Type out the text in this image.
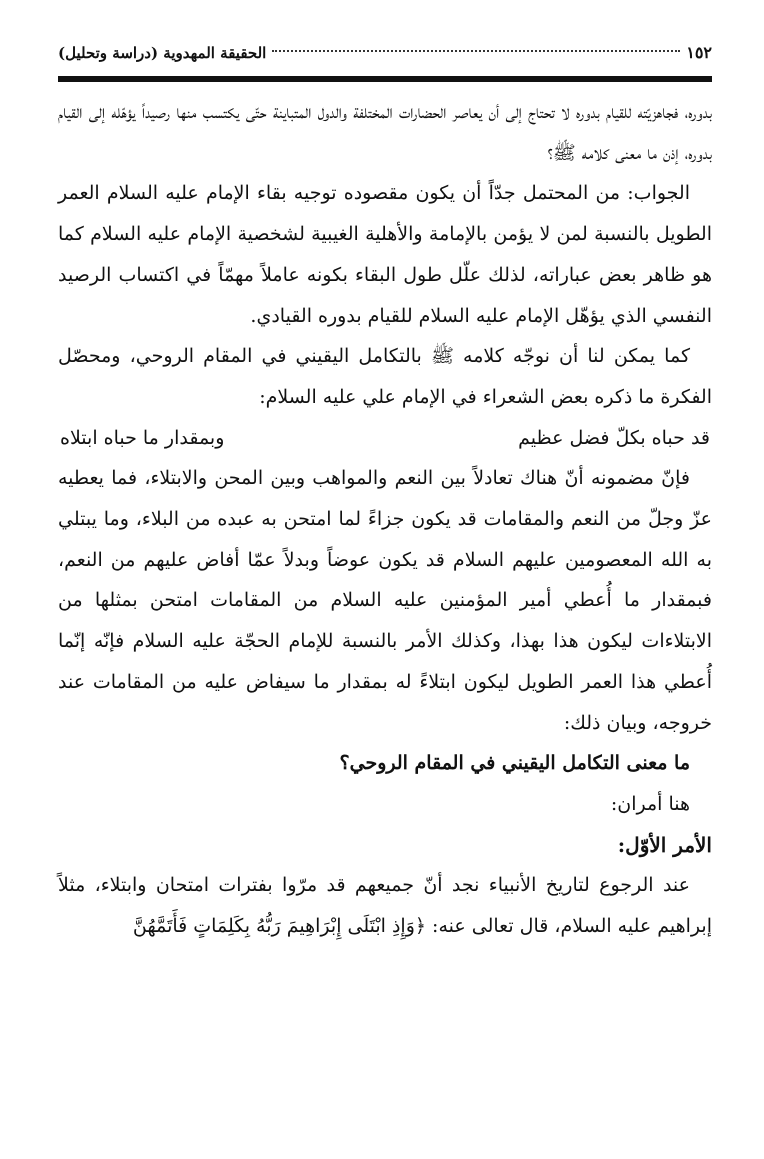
١٥٢
الحقيقة المهدوية (دراسة وتحليل)

بدوره، فجاهزيّته للقيام بدوره لا تحتاج إلى أن يعاصر الحضارات المختلفة والدول المتباينة حتّى يكتسب منها رصيداً يؤهّله إلى القيام بدوره، إذن ما معنى كلامه ﷺ؟

الجواب: من المحتمل جدّاً أن يكون مقصوده توجيه بقاء الإمام عليه السلام العمر الطويل بالنسبة لمن لا يؤمن بالإمامة والأهلية الغيبية لشخصية الإمام عليه السلام كما هو ظاهر بعض عباراته، لذلك علّل طول البقاء بكونه عاملاً مهمّاً في اكتساب الرصيد النفسي الذي يؤهّل الإمام عليه السلام للقيام بدوره القيادي.

كما يمكن لنا أن نوجّه كلامه ﷺ بالتكامل اليقيني في المقام الروحي، ومحصّل الفكرة ما ذكره بعض الشعراء في الإمام علي عليه السلام:

قد حباه بكلّ فضل عظيم
وبمقدار ما حباه ابتلاه

فإنّ مضمونه أنّ هناك تعادلاً بين النعم والمواهب وبين المحن والابتلاء، فما يعطيه عزّ وجلّ من النعم والمقامات قد يكون جزاءً لما امتحن به عبده من البلاء، وما يبتلي به الله المعصومين عليهم السلام قد يكون عوضاً وبدلاً عمّا أفاض عليهم من النعم، فبمقدار ما أُعطي أمير المؤمنين عليه السلام من المقامات امتحن بمثلها من الابتلاءات ليكون هذا بهذا، وكذلك الأمر بالنسبة للإمام الحجّة عليه السلام فإنّه إنّما أُعطي هذا العمر الطويل ليكون ابتلاءً له بمقدار ما سيفاض عليه من المقامات عند خروجه، وبيان ذلك:

ما معنى التكامل اليقيني في المقام الروحي؟

هنا أمران:

الأمر الأوّل:

عند الرجوع لتاريخ الأنبياء نجد أنّ جميعهم قد مرّوا بفترات امتحان وابتلاء، مثلاً إبراهيم عليه السلام، قال تعالى عنه: ﴿وَإِذِ ابْتَلَى إِبْرَاهِيمَ رَبُّهُ بِكَلِمَاتٍ فَأَتَمَّهُنَّ
